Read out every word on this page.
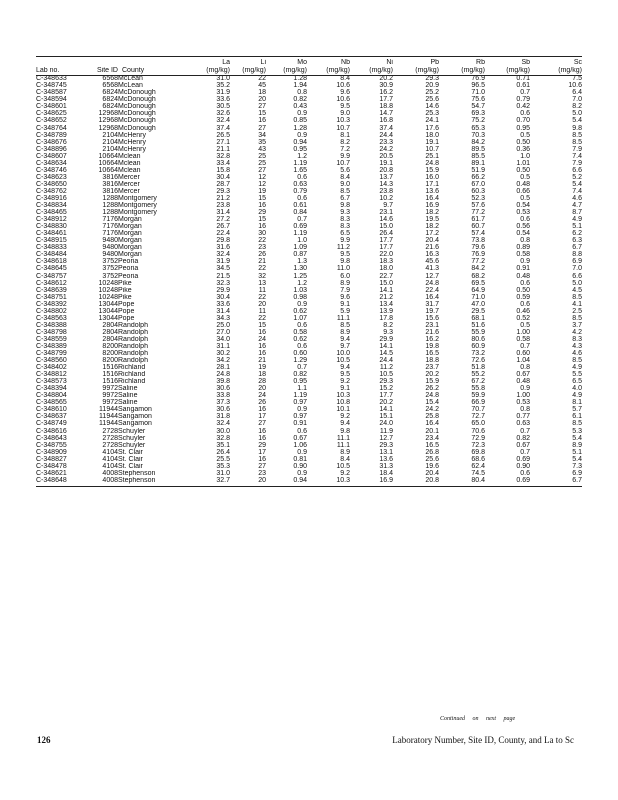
			La	Li	Mo	Nb	Ni	Pb	Rb	Sb	Sc
Lab no.	Site ID	County	(mg/kg)	(mg/kg)	(mg/kg)	(mg/kg)	(mg/kg)	(mg/kg)	(mg/kg)	(mg/kg)	(mg/kg)
C-348633	6568	McLean	31.0	22	1.28	8.4	20.2	29.3	76.9	0.71	7.5
C-348745	6568	McLean	35.2	45	1.94	10.6	30.9	20.9	96.5	0.61	10.6
C-348587	6824	McDonough	31.9	18	0.8	9.6	16.2	25.2	71.0	0.7	6.4
C-348594	6824	McDonough	33.6	20	0.82	10.6	17.7	25.6	75.6	0.79	7.0
C-348601	6824	McDonough	30.5	27	0.43	9.5	18.8	14.6	54.7	0.42	8.2
C-348625	12968	McDonough	32.6	15	0.9	9.0	14.7	25.3	69.3	0.6	5.0
C-348652	12968	McDonough	32.4	16	0.85	10.3	16.8	24.1	75.2	0.70	5.4
C-348764	12968	McDonough	37.4	27	1.28	10.7	37.4	17.6	65.3	0.95	9.8
C-348789	2104	McHenry	26.5	34	0.9	8.1	24.4	18.0	70.3	0.5	8.5
C-348676	2104	McHenry	27.1	35	0.94	8.2	23.3	19.1	84.2	0.50	8.5
C-348896	2104	McHenry	21.1	43	0.95	7.2	24.2	10.7	89.5	0.36	7.9
C-348607	10664	Mclean	32.8	25	1.2	9.9	20.5	25.1	85.5	1.0	7.4
C-348634	10664	Mclean	33.4	25	1.19	10.7	19.1	24.8	89.1	1.01	7.9
C-348746	10664	Mclean	15.8	27	1.65	5.6	20.8	15.9	51.9	0.50	6.6
C-348623	3816	Mercer	30.4	12	0.6	8.4	13.7	16.0	66.2	0.5	5.2
C-348650	3816	Mercer	28.7	12	0.63	9.0	14.3	17.1	67.0	0.48	5.4
C-348762	3816	Mercer	29.3	19	0.79	8.5	23.8	13.6	60.3	0.66	7.4
C-348916	1288	Montgomery	21.2	15	0.6	6.7	10.2	16.4	52.3	0.5	4.6
C-348834	1288	Montgomery	23.8	16	0.61	9.8	9.7	16.9	57.6	0.54	4.7
C-348465	1288	Montgomery	31.4	29	0.84	9.3	23.1	18.2	77.2	0.53	8.7
C-348912	7176	Morgan	27.2	15	0.7	8.3	14.6	19.5	61.7	0.6	4.9
C-348830	7176	Morgan	26.7	16	0.69	8.3	15.0	18.2	60.7	0.56	5.1
C-348461	7176	Morgan	22.4	30	1.19	6.5	26.4	17.2	57.4	0.54	6.2
C-348915	9480	Morgan	29.8	22	1.0	9.9	17.7	20.4	73.8	0.8	6.3
C-348833	9480	Morgan	31.6	23	1.09	11.2	17.7	21.6	79.6	0.89	6.7
C-348484	9480	Morgan	32.4	26	0.87	9.5	22.0	16.3	76.9	0.58	8.8
C-348618	3752	Peoria	31.9	21	1.3	9.8	18.3	45.6	77.2	0.9	6.9
C-348645	3752	Peoria	34.5	22	1.30	11.0	18.0	41.3	84.2	0.91	7.0
C-348757	3752	Peoria	21.5	32	1.25	6.0	22.7	12.7	68.2	0.48	6.6
C-348612	10248	Pike	32.3	13	1.2	8.9	15.0	24.8	69.5	0.6	5.0
C-348639	10248	Pike	29.9	11	1.03	7.9	14.1	22.4	64.9	0.50	4.5
C-348751	10248	Pike	30.4	22	0.98	9.6	21.2	16.4	71.0	0.59	8.5
C-348392	13044	Pope	33.6	20	0.9	9.1	13.4	31.7	47.0	0.6	4.1
C-348802	13044	Pope	31.4	11	0.62	5.9	13.9	19.7	29.5	0.46	2.5
C-348563	13044	Pope	34.3	22	1.07	11.1	17.8	15.6	68.1	0.52	8.5
C-348388	2804	Randolph	25.0	15	0.6	8.5	8.2	23.1	51.6	0.5	3.7
C-348798	2804	Randolph	27.0	16	0.58	8.9	9.3	21.6	55.9	1.00	4.2
C-348559	2804	Randolph	34.0	24	0.62	9.4	29.9	16.2	80.6	0.58	8.3
C-348389	8200	Randolph	31.1	16	0.6	9.7	14.1	19.8	60.9	0.7	4.3
C-348799	8200	Randolph	30.2	16	0.60	10.0	14.5	16.5	73.2	0.60	4.6
C-348560	8200	Randolph	34.2	21	1.29	10.5	24.4	18.8	72.6	1.04	8.5
C-348402	1516	Richland	28.1	19	0.7	9.4	11.2	23.7	51.8	0.8	4.9
C-348812	1516	Richland	24.8	18	0.82	9.5	10.5	20.2	55.2	0.67	5.5
C-348573	1516	Richland	39.8	28	0.95	9.2	29.3	15.9	67.2	0.48	6.5
C-348394	9972	Saline	30.6	20	1.1	9.1	15.2	26.2	55.8	0.9	4.0
C-348804	9972	Saline	33.8	24	1.19	10.3	17.7	24.8	59.9	1.00	4.9
C-348565	9972	Saline	37.3	26	0.97	10.8	20.2	15.4	66.9	0.53	8.1
C-348610	11944	Sangamon	30.6	16	0.9	10.1	14.1	24.2	70.7	0.8	5.7
C-348637	11944	Sangamon	31.8	17	0.97	9.2	15.1	25.8	72.7	0.77	6.1
C-348749	11944	Sangamon	32.4	27	0.91	9.4	24.0	16.4	65.0	0.63	8.5
C-348616	2728	Schuyler	30.0	16	0.6	9.8	11.9	20.1	70.6	0.7	5.3
C-348643	2728	Schuyler	32.8	16	0.67	11.1	12.7	23.4	72.9	0.82	5.4
C-348755	2728	Schuyler	35.1	29	1.06	11.1	29.3	16.5	72.3	0.67	8.9
C-348909	4104	St. Clair	26.4	17	0.9	8.9	13.1	26.8	69.8	0.7	5.1
C-348827	4104	St. Clair	25.5	16	0.81	8.4	13.6	25.6	68.6	0.69	5.4
C-348478	4104	St. Clair	35.3	27	0.90	10.5	31.3	19.6	62.4	0.90	7.3
C-348621	4008	Stephenson	31.0	23	0.9	9.2	18.4	20.4	74.5	0.6	6.9
C-348648	4008	Stephenson	32.7	20	0.94	10.3	16.9	20.8	80.4	0.69	6.7
Continued on next page
126	Laboratory Number, Site ID, County, and La to Sc
